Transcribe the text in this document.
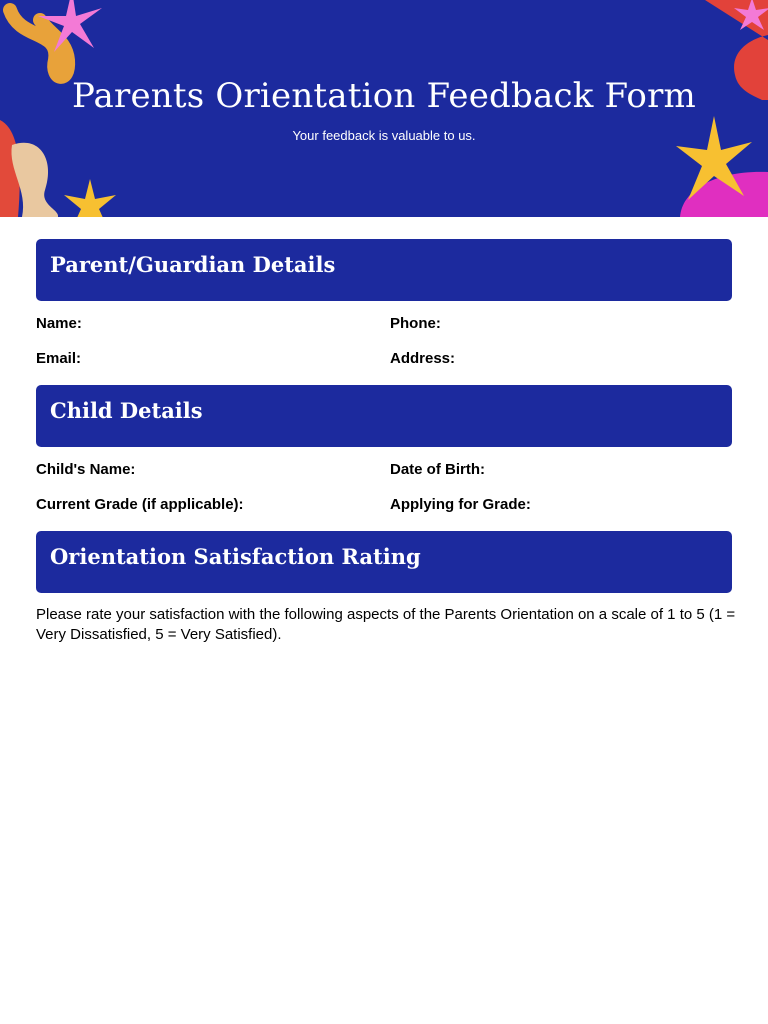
Parents Orientation Feedback Form
Your feedback is valuable to us.
Parent/Guardian Details
Name:	Phone:
Email:	Address:
Child Details
Child's Name:	Date of Birth:
Current Grade (if applicable):	Applying for Grade:
Orientation Satisfaction Rating
Please rate your satisfaction with the following aspects of the Parents Orientation on a scale of 1 to 5 (1 = Very Dissatisfied, 5 = Very Satisfied).
